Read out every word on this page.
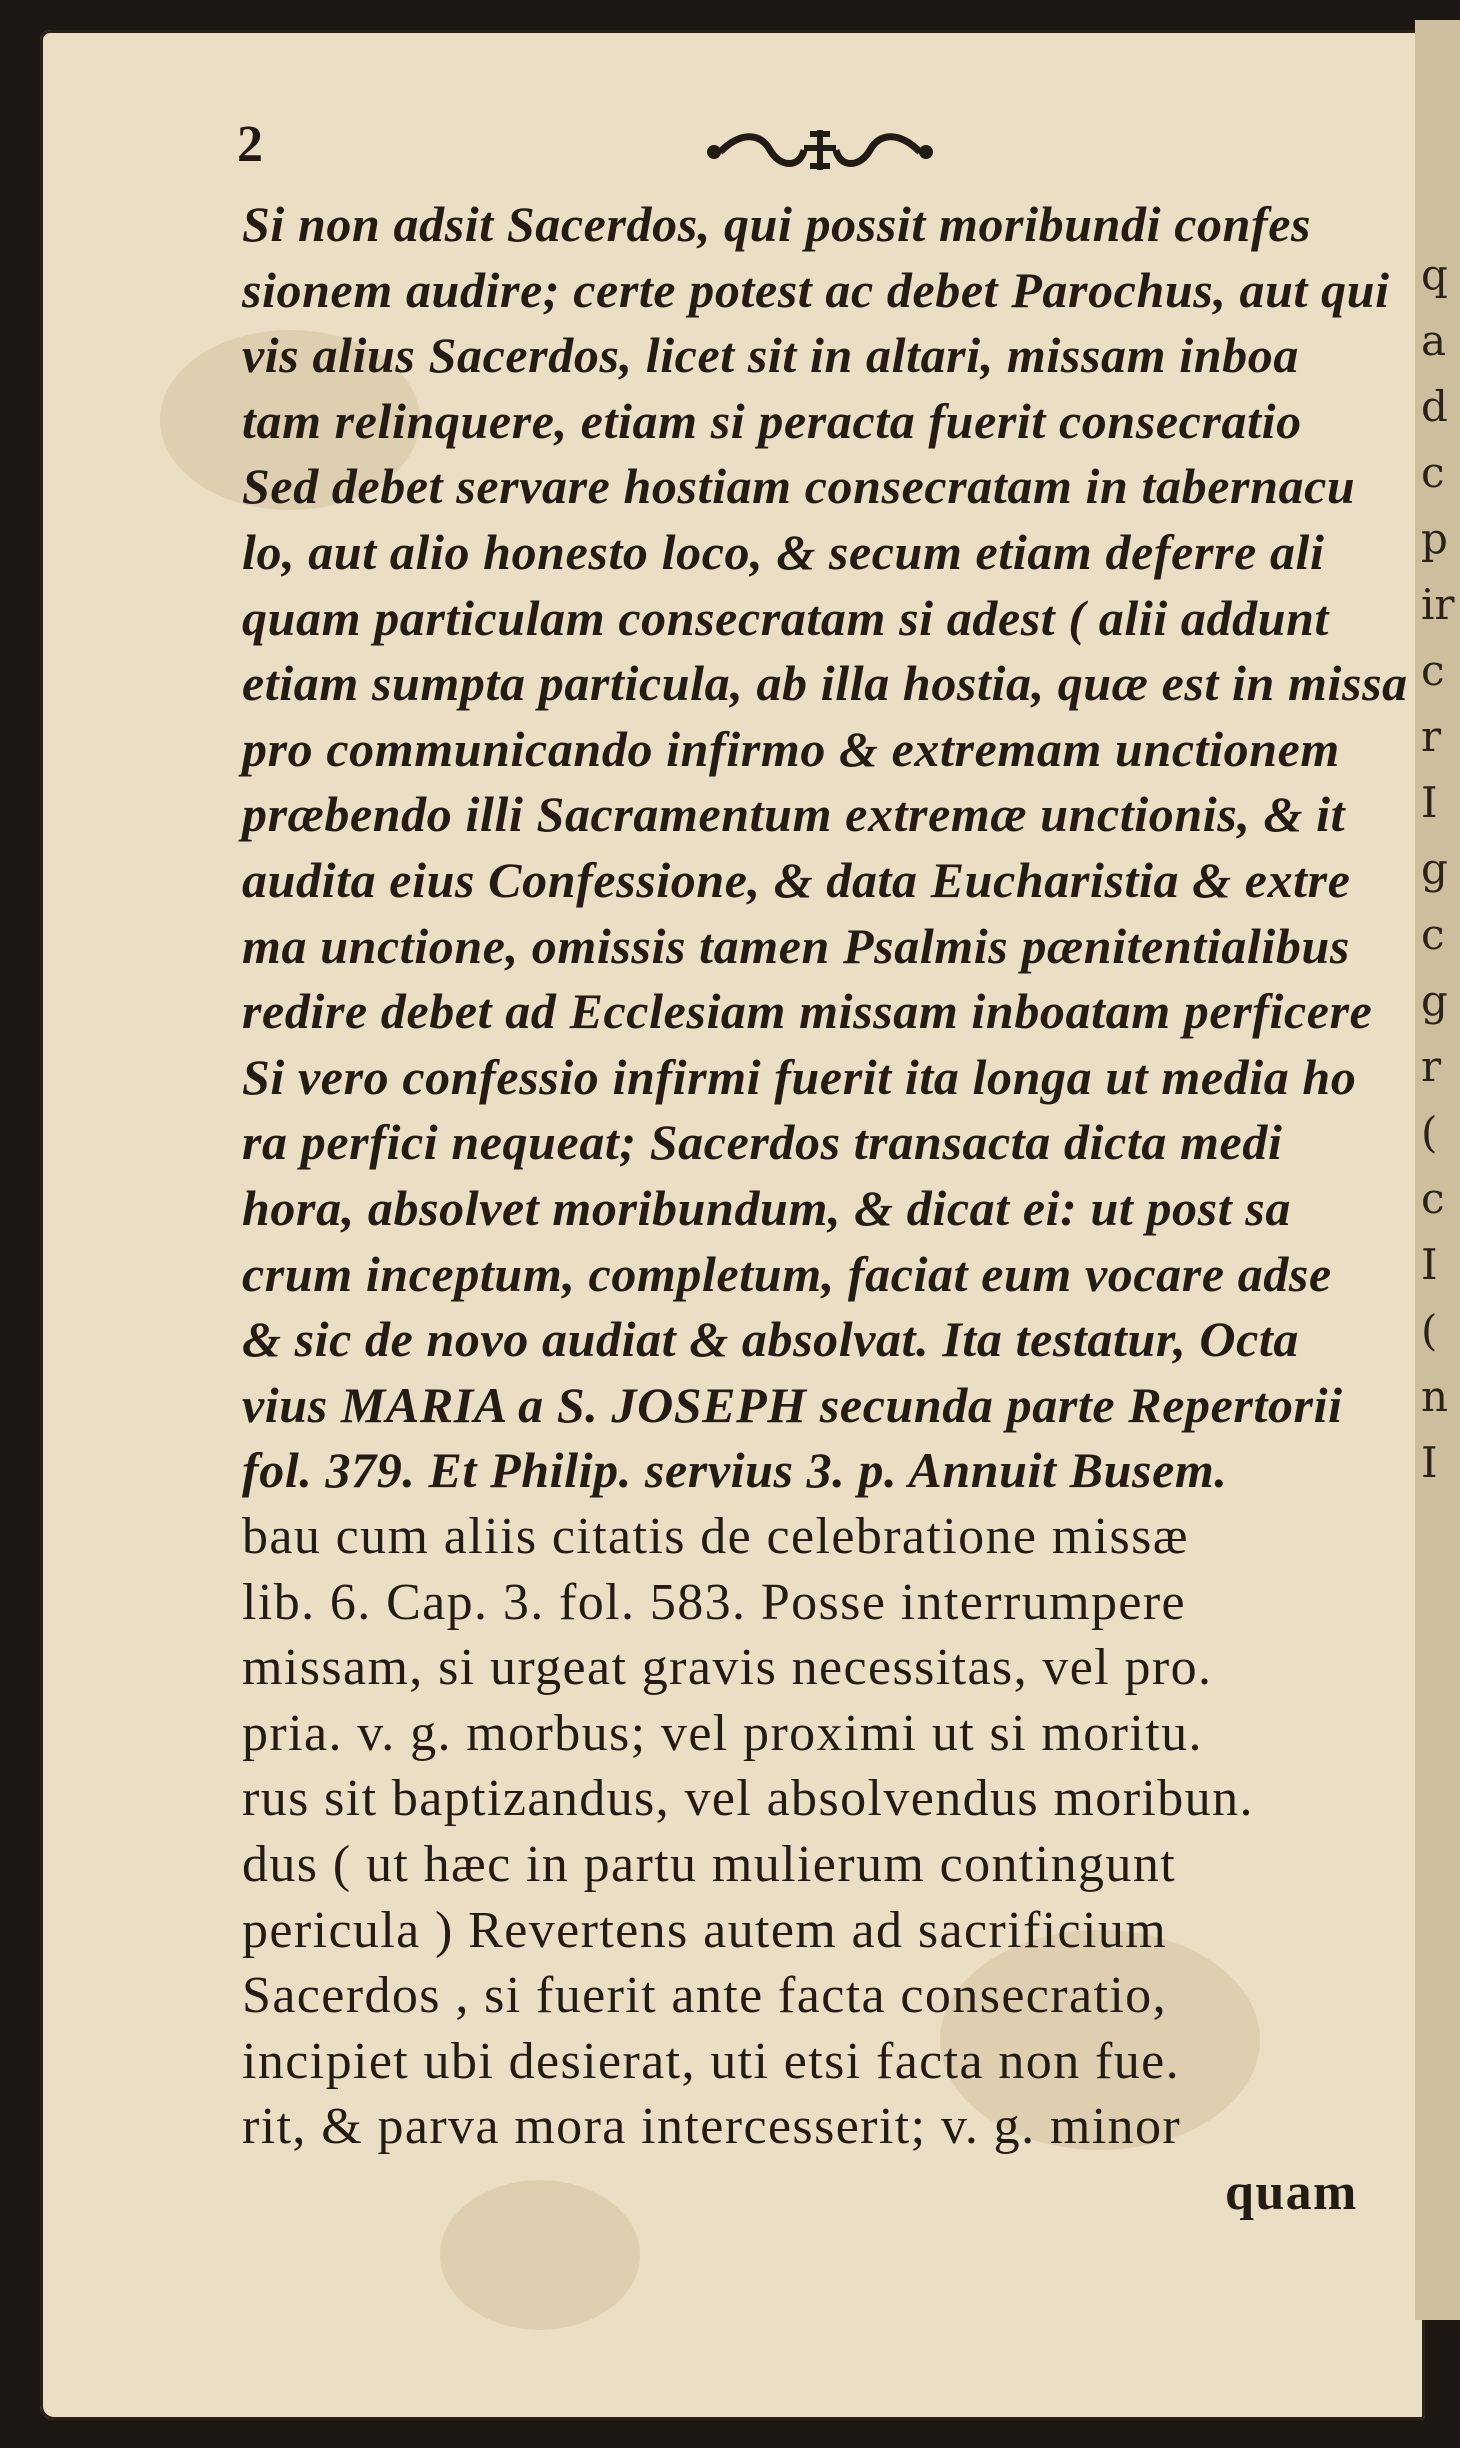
q
a
d
c
p
ir
c
r
I
g
c
g
r
(
c
I
(
n
I
2
Si non adsit Sacerdos, qui possit moribundi confes
sionem audire; certe potest ac debet Parochus, aut qui
vis alius Sacerdos, licet sit in altari, missam inboa
tam relinquere, etiam si peracta fuerit consecratio
Sed debet servare hostiam consecratam in tabernacu
lo, aut alio honesto loco, & secum etiam deferre ali
quam particulam consecratam si adest ( alii addunt
etiam sumpta particula, ab illa hostia, quæ est in missa
pro communicando infirmo & extremam unctionem
præbendo illi Sacramentum extremæ unctionis, & it
audita eius Confessione, & data Eucharistia & extre
ma unctione, omissis tamen Psalmis pænitentialibus
redire debet ad Ecclesiam missam inboatam perficere
Si vero confessio infirmi fuerit ita longa ut media ho
ra perfici nequeat; Sacerdos transacta dicta medi
hora, absolvet moribundum, & dicat ei: ut post sa
crum inceptum, completum, faciat eum vocare adse
& sic de novo audiat & absolvat. Ita testatur, Octa
vius MARIA a S. JOSEPH secunda parte Repertorii
fol. 379. Et Philip. servius 3. p. Annuit Busem.
bau cum aliis citatis de celebratione missæ
lib. 6. Cap. 3. fol. 583. Posse interrumpere
missam, si urgeat gravis necessitas, vel pro.
pria. v. g. morbus; vel proximi ut si moritu.
rus sit baptizandus, vel absolvendus moribun.
dus ( ut hæc in partu mulierum contingunt
pericula ) Revertens autem ad sacrificium
Sacerdos , si fuerit ante facta consecratio,
incipiet ubi desierat, uti etsi facta non fue.
rit, & parva mora intercesserit; v. g. minor
quam
